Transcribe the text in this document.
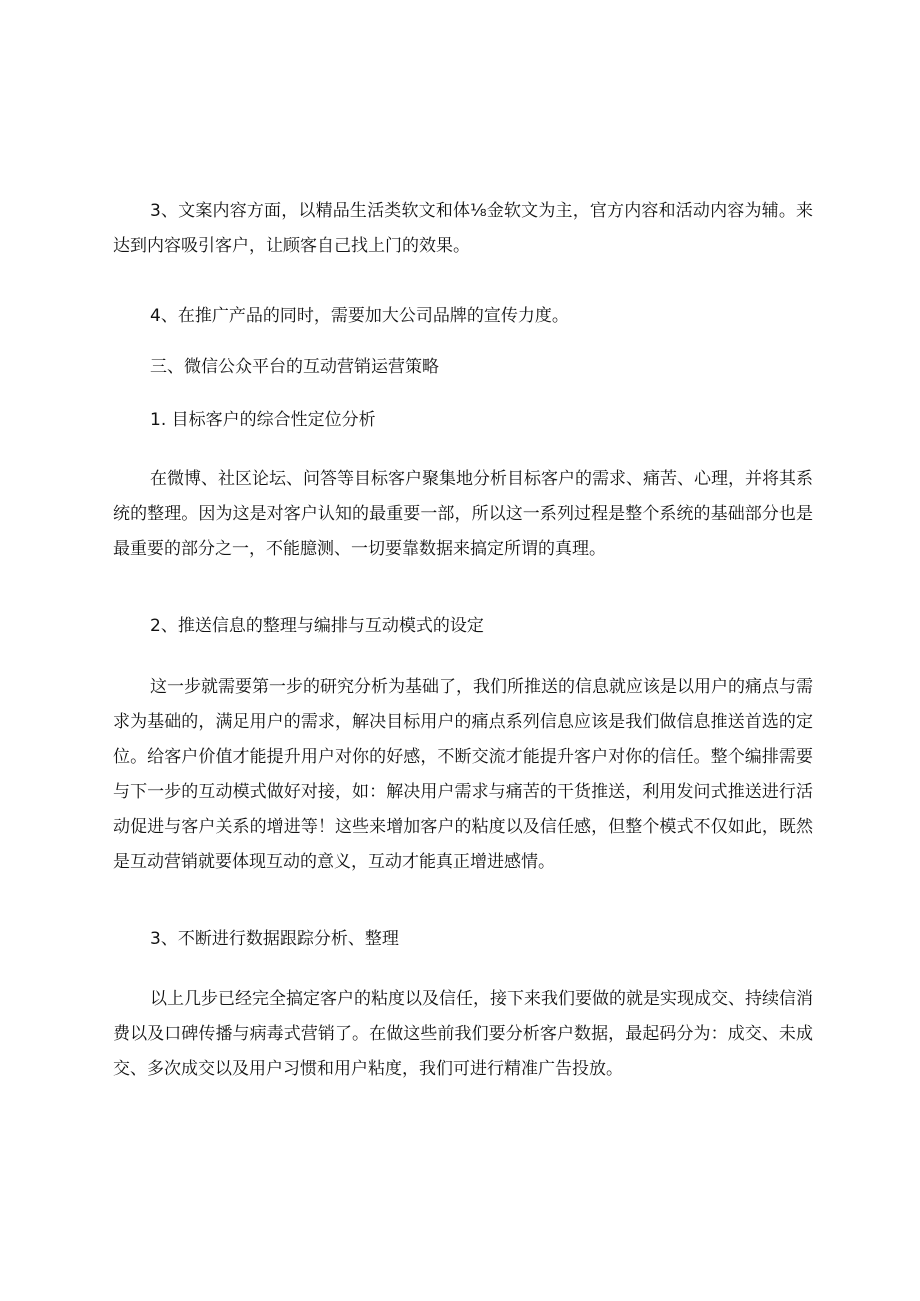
3、文案内容方面，以精品生活类软文和体⅛金软文为主，官方内容和活动内容为辅。来达到内容吸引客户，让顾客自己找上门的效果。

4、在推广产品的同时，需要加大公司品牌的宣传力度。

三、微信公众平台的互动营销运营策略

1. 目标客户的综合性定位分析

在微博、社区论坛、问答等目标客户聚集地分析目标客户的需求、痛苦、心理，并将其系统的整理。因为这是对客户认知的最重要一部，所以这一系列过程是整个系统的基础部分也是最重要的部分之一，不能臆测、一切要靠数据来搞定所谓的真理。

2、推送信息的整理与编排与互动模式的设定

这一步就需要第一步的研究分析为基础了，我们所推送的信息就应该是以用户的痛点与需求为基础的，满足用户的需求，解决目标用户的痛点系列信息应该是我们做信息推送首选的定位。给客户价值才能提升用户对你的好感，不断交流才能提升客户对你的信任。整个编排需要与下一步的互动模式做好对接，如：解决用户需求与痛苦的干货推送，利用发问式推送进行活动促进与客户关系的增进等！这些来增加客户的粘度以及信任感，但整个模式不仅如此，既然是互动营销就要体现互动的意义，互动才能真正增进感情。

3、不断进行数据跟踪分析、整理

以上几步已经完全搞定客户的粘度以及信任，接下来我们要做的就是实现成交、持续信消费以及口碑传播与病毒式营销了。在做这些前我们要分析客户数据，最起码分为：成交、未成交、多次成交以及用户习惯和用户粘度，我们可进行精准广告投放。
